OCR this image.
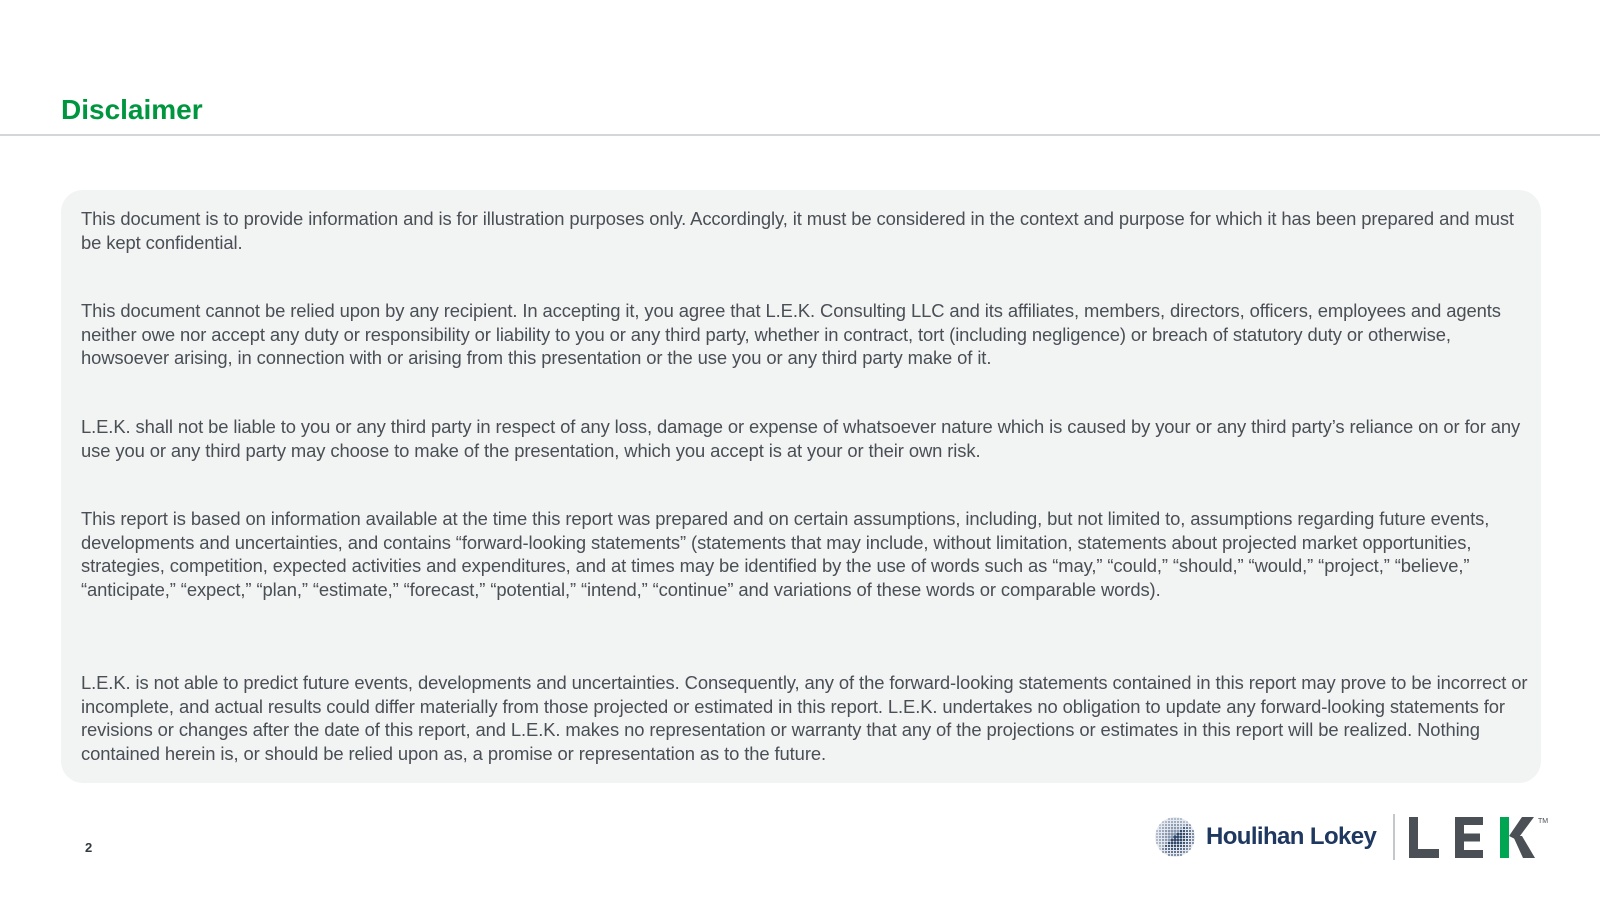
Disclaimer

This document is to provide information and is for illustration purposes only. Accordingly, it must be considered in the context and purpose for which it has been prepared and must be kept confidential.

This document cannot be relied upon by any recipient. In accepting it, you agree that L.E.K. Consulting LLC and its affiliates, members, directors, officers, employees and agents neither owe nor accept any duty or responsibility or liability to you or any third party, whether in contract, tort (including negligence) or breach of statutory duty or otherwise, howsoever arising, in connection with or arising from this presentation or the use you or any third party make of it.

L.E.K. shall not be liable to you or any third party in respect of any loss, damage or expense of whatsoever nature which is caused by your or any third party’s reliance on or for any use you or any third party may choose to make of the presentation, which you accept is at your or their own risk.

This report is based on information available at the time this report was prepared and on certain assumptions, including, but not limited to, assumptions regarding future events, developments and uncertainties, and contains “forward-looking statements” (statements that may include, without limitation, statements about projected market opportunities, strategies, competition, expected activities and expenditures, and at times may be identified by the use of words such as “may,” “could,” “should,” “would,” “project,” “believe,” “anticipate,” “expect,” “plan,” “estimate,” “forecast,” “potential,” “intend,” “continue” and variations of these words or comparable words).

L.E.K. is not able to predict future events, developments and uncertainties. Consequently, any of the forward-looking statements contained in this report may prove to be incorrect or incomplete, and actual results could differ materially from those projected or estimated in this report. L.E.K. undertakes no obligation to update any forward-looking statements for revisions or changes after the date of this report, and L.E.K. makes no representation or warranty that any of the projections or estimates in this report will be realized. Nothing contained herein is, or should be relied upon as, a promise or representation as to the future.

2	Houlihan Lokey
TM
